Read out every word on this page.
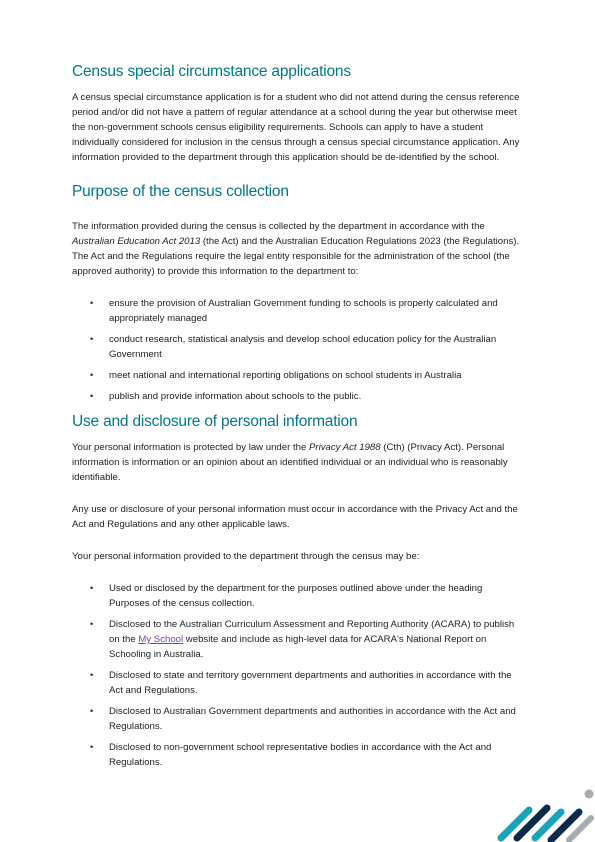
Census special circumstance applications

A census special circumstance application is for a student who did not attend during the census reference period and/or did not have a pattern of regular attendance at a school during the year but otherwise meet the non-government schools census eligibility requirements. Schools can apply to have a student individually considered for inclusion in the census through a census special circumstance application. Any information provided to the department through this application should be de-identified by the school.

Purpose of the census collection

The information provided during the census is collected by the department in accordance with the Australian Education Act 2013 (the Act) and the Australian Education Regulations 2023 (the Regulations). The Act and the Regulations require the legal entity responsible for the administration of the school (the approved authority) to provide this information to the department to:

• ensure the provision of Australian Government funding to schools is properly calculated and appropriately managed
• conduct research, statistical analysis and develop school education policy for the Australian Government
• meet national and international reporting obligations on school students in Australia
• publish and provide information about schools to the public.
Use and disclosure of personal information

Your personal information is protected by law under the Privacy Act 1988 (Cth) (Privacy Act). Personal information is information or an opinion about an identified individual or an individual who is reasonably identifiable.

Any use or disclosure of your personal information must occur in accordance with the Privacy Act and the Act and Regulations and any other applicable laws.

Your personal information provided to the department through the census may be:

• Used or disclosed by the department for the purposes outlined above under the heading Purposes of the census collection.
• Disclosed to the Australian Curriculum Assessment and Reporting Authority (ACARA) to publish on the My School website and include as high-level data for ACARA's National Report on Schooling in Australia.
• Disclosed to state and territory government departments and authorities in accordance with the Act and Regulations.
• Disclosed to Australian Government departments and authorities in accordance with the Act and Regulations.
• Disclosed to non-government school representative bodies in accordance with the Act and Regulations.
